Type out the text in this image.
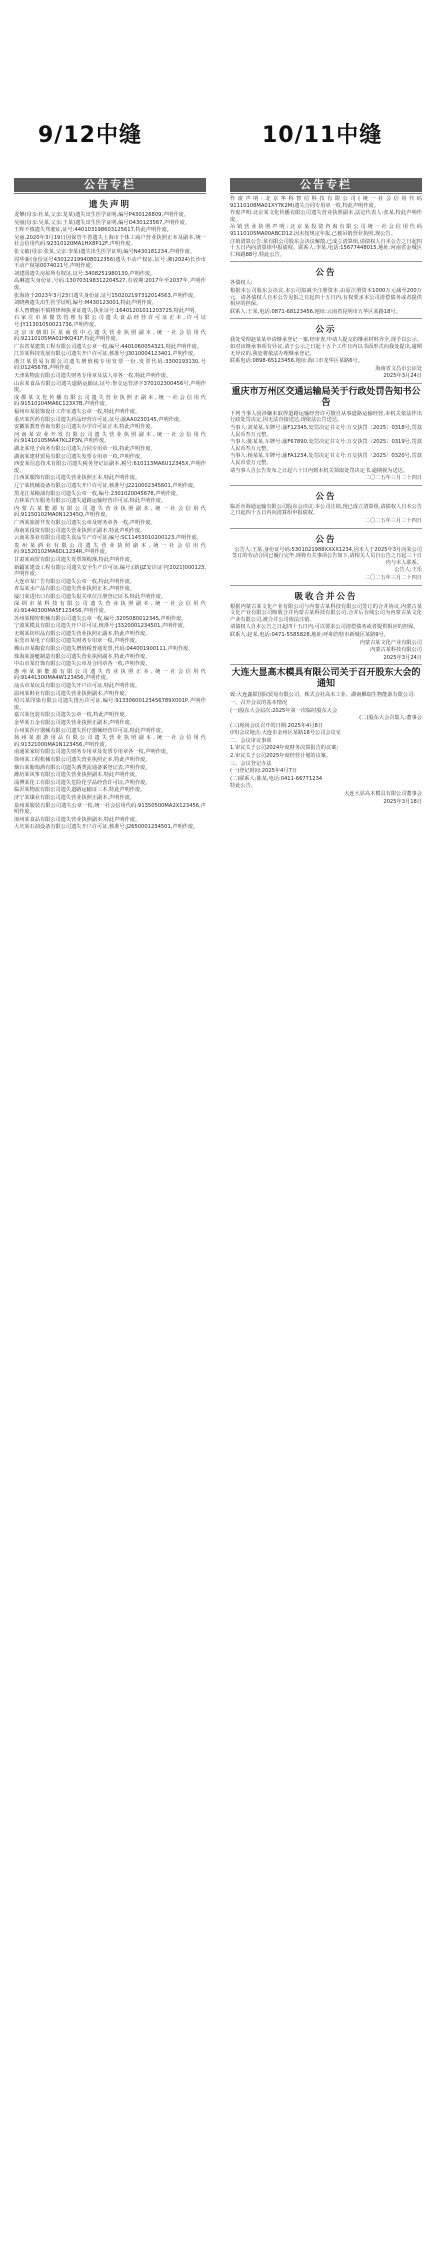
9/12中缝	10/11中缝
公告专栏
遗失声明

龙攀(母亲:杜某,父亲:龙某)遗失出生医学证明,编号P430126809,声明作废。

吴丽(母亲:吴某,父亲:王某)遗失出生医学证明,编号O430123567,声明作废。

王辉不慎遗失驾驶证,证号:440103198603125617,特此声明作废。

吴丽,2020年3月19日因保管不善遗失上海市个体工商户营业执照正本及副本,统一社会信用代码:92310120MA1HX8P12F,声明作废。

张文敏(母亲:张某,父亲:李某)遗失出生医学证明,编号N430181234,声明作废。

周华新(身份证号430122199408012356)遗失不动产权证,证号:湘(2024)长沙市不动产权第0074021号,声明作废。

刘建国遗失房屋所有权证,证号:3408251980130,声明作废。

高琳遗失身份证,号码:130703198312204527,有效期:2017年至2037年,声明作废。

张海涛于2023年3月23日遗失身份证,证号150202197312014563,声明作废。

刘晓燕遗失出生医学证明,编号:M430123001,特此声明作废。

本人曾晓丽不慎将律师执业证遗失,执业证号:16401201011203725,特此声明。

石家庄市某餐饮管理有限公司遗失食品经营许可证正本,许可证号:JY11301050021736,声明作废。

北京市朝阳区某商贸中心遗失营业执照副本,统一社会信用代码:92110105MA01HKQ41F,特此声明作废。

广东省某建筑工程有限公司遗失公章一枚,编号:4401060054321,特此声明作废。

江苏某科技发展有限公司遗失开户许可证,核准号:J3010004123401,声明作废。

浙江某贸易有限公司遗失增值税专用发票一份,发票代码:3300193130,号码:01245678,声明作废。

天津某物流有限公司遗失财务专用章及法人章各一枚,特此声明作废。

山东某食品有限公司遗失道路运输证,证号:鲁交运管济字370102300456号,声明作废。

成都某文化传播有限公司遗失营业执照正副本,统一社会信用代码:91510104MA6C123X7B,声明作废。

福州市某装饰设计工作室遗失公章一枚,特此声明作废。

重庆某医药有限公司遗失药品经营许可证,证号:渝AA0230145,声明作废。

安徽某教育咨询有限公司遗失办学许可证正本,特此声明作废。

河南某农业开发有限公司遗失营业执照副本,统一社会信用代码:91410105MA47KL2P3N,声明作废。

湖北某电子商务有限公司遗失合同专用章一枚,特此声明作废。

湖南某建材贸易有限公司遗失发票专用章一枚,声明作废。

西安某信息技术有限公司遗失税务登记证副本,税号:610113MA6U12345X,声明作废。

江西某服饰有限公司遗失营业执照正本,特此声明作废。

辽宁某机械设备有限公司遗失开户许可证,核准号:J2210002345601,声明作废。

黑龙江某粮油有限公司遗失公章一枚,编号:2301020045678,声明作废。

吉林某汽车服务有限公司遗失道路运输经营许可证,特此声明作废。

内蒙古某能源有限公司遗失营业执照副本,统一社会信用代码:91150102MA0N12345Q,声明作废。

广西某旅游开发有限公司遗失公章及财务章各一枚,声明作废。

海南某投资有限公司遗失营业执照正副本,特此声明作废。

云南某茶业有限公司遗失食品生产许可证,编号:SC11453010200123,声明作废。

贵州某酒业有限公司遗失营业执照副本,统一社会信用代码:91520102MA6DL1234R,声明作废。

甘肃某商贸有限公司遗失发票领购簿,特此声明作废。

新疆某建设工程有限公司遗失安全生产许可证,编号:(新)JZ安许证字[2021]000123,声明作废。

大连市某广告有限公司遗失公章一枚,特此声明作废。

青岛某水产品有限公司遗失营业执照正本,声明作废。

厦门某进出口有限公司遗失报关单位注册登记证书,特此声明作废。

深圳市某科技有限公司遗失营业执照副本,统一社会信用代码:91440300MA5F123456,声明作废。

苏州某精密机械有限公司遗失公章一枚,编号:3205080012345,声明作废。

宁波某模具有限公司遗失开户许可证,核准号:J3320001234501,声明作废。

无锡某纺织品有限公司遗失营业执照正副本,特此声明作废。

东莞市某电子有限公司遗失财务专用章一枚,声明作废。

佛山市某陶瓷有限公司遗失增值税普通发票,代码:044001900111,声明作废。

珠海某游艇制造有限公司遗失营业执照副本,特此声明作废。

中山市某灯饰有限公司遗失公章及合同章各一枚,声明作废。

惠州某新能源有限公司遗失营业执照正本,统一社会信用代码:91441300MA4W123456,声明作废。

汕头市某玩具有限公司遗失开户许可证,特此声明作废。

温州某鞋业有限公司遗失营业执照副本,声明作废。

绍兴某印染有限公司遗失排污许可证,编号:91330600123456789X001P,声明作废。

嘉兴某包装有限公司遗失公章一枚,特此声明作废。

金华某五金有限公司遗失营业执照正副本,声明作废。

台州某医疗器械有限公司遗失医疗器械经营许可证,特此声明作废。

扬州某旅游用品有限公司遗失营业执照副本,统一社会信用代码:91321000MA1N123456,声明作废。

南通某家纺有限公司遗失财务专用章及发票专用章各一枚,声明作废。

徐州某工程机械有限公司遗失营业执照正本,特此声明作废。

烟台某葡萄酒有限公司遗失酒类流通备案登记表,声明作废。

潍坊某风筝有限公司遗失营业执照副本,特此声明作废。

淄博某化工有限公司遗失危险化学品经营许可证,声明作废。

临沂某物流有限公司遗失道路运输证三本,特此声明作废。

济宁某煤业有限公司遗失营业执照正副本,声明作废。

泉州某服装有限公司遗失公章一枚,统一社会信用代码:91350500MA2X123456,声明作废。

漳州某食品有限公司遗失营业执照副本,特此声明作废。

大庆某石油设备有限公司遗失开户许可证,核准号:J2650001234501,声明作废。

公告专栏

作废声明:北京华科智信科技有限公司(统一社会信用代码91110108MA01XY7K2M)遗失合同专用章一枚,特此声明作废。

作废声明:北京某文化传播有限公司遗失营业执照副本,法定代表人:张某,特此声明作废。

吊销营业执照声明:北京某投资咨询有限公司统一社会信用代码91110105MA00ABCD12,因未按规定年报,已被吊销营业执照,现公告。

注销清算公告:某有限公司股东会决议解散,已成立清算组,请债权人自本公告之日起四十五日内向清算组申报债权。联系人:李某,电话:15677448015,地址:河南省金城区仁和路88号,特此公告。

公告

各债权人:

根据本公司股东会决议,本公司拟减少注册资本,由原注册资本1000万元减至200万元。请各债权人自本公告见报之日起四十五日内,有权要求本公司清偿债务或者提供相应的担保。

联系人:王某,电话:0871-68123456,地址:云南省昆明市五华区某路18号。

公示

我处受理赵某某申请继承登记一案,经审查,申请人提交的继承材料齐全,现予以公示。如对该继承事项有异议,请于公示之日起十五个工作日内以书面形式向我处提出,逾期无异议的,我处将依法办理继承登记。

联系电话:0898-65123456,地址:海口市龙华区某路6号。

海南省文昌市公证处

2025年3月24日

重庆市万州区交通运输局关于行政处罚告知书公告

下列当事人因涉嫌未取得道路运输经营许可擅自从事道路运输经营,本机关依法作出行政处罚决定,因无法直接送达,现依法公告送达。

当事人:刘某某,车牌号:渝F12345,处罚决定书文号:万交执罚〔2025〕0318号,罚款人民币叁万元整。

当事人:陈某某,车牌号:渝F67890,处罚决定书文号:万交执罚〔2025〕0319号,罚款人民币叁万元整。

当事人:杨某某,车牌号:渝FA1234,处罚决定书文号:万交执罚〔2025〕0320号,罚款人民币壹万元整。

请当事人自公告发布之日起六十日内到本机关领取处罚决定书,逾期视为送达。

二〇二五年三月二十四日

公告

临沂市海通运输有限公司股东会决议:本公司注销,现已成立清算组,请债权人自本公告之日起四十五日内向清算组申报债权。

二〇二五年三月二十四日

公告

公告人:王某,身份证号码:5301021988XXXX1234,因本人于2025年3月向某公司签订的劳动合同已履行完毕,现将有关事项公告如下,请相关人员自公告之日起三十日内与本人联系。

公告人:王乐

二〇二五年三月二十四日

吸收合并公告

根据内蒙古某文化产业有限公司与内蒙古某科技有限公司签订的合并协议,内蒙古某文化产业有限公司吸收合并内蒙古某科技有限公司,合并后存续公司为内蒙古某文化产业有限公司,被合并公司依法注销。

请债权人自本公告之日起四十五日内,可以要求公司清偿债务或者提供相应的担保。

联系人:赵某,电话:0471-5585828,地址:呼和浩特市新城区某路9号。

内蒙古某文化产业有限公司

内蒙古某科技有限公司

2025年3月24日

大连大显高木模具有限公司关于召开股东大会的通知

致:大连鑫联国际贸易有限公司、株式会社高木工业、湖南郴瑞生物能源有限公司:

一、召开会议的基本情况

(一)股东大会届次:2025年第一次临时股东大会

(二)股东大会召集人:董事会

(三)现场会议召开的日期:2025年4月8日

(四)会议地点:大连市金州区某路18号公司会议室

二、会议审议事项

1.审议关于公司2024年度财务决算报告的议案;

2.审议关于公司2025年度经营计划的议案。

三、会议登记办法

(一)登记时间:2025年4月7日

(二)联系人:陈某,电话:0411-66771234

特此公告。

大连大显高木模具有限公司董事会

2025年3月18日
